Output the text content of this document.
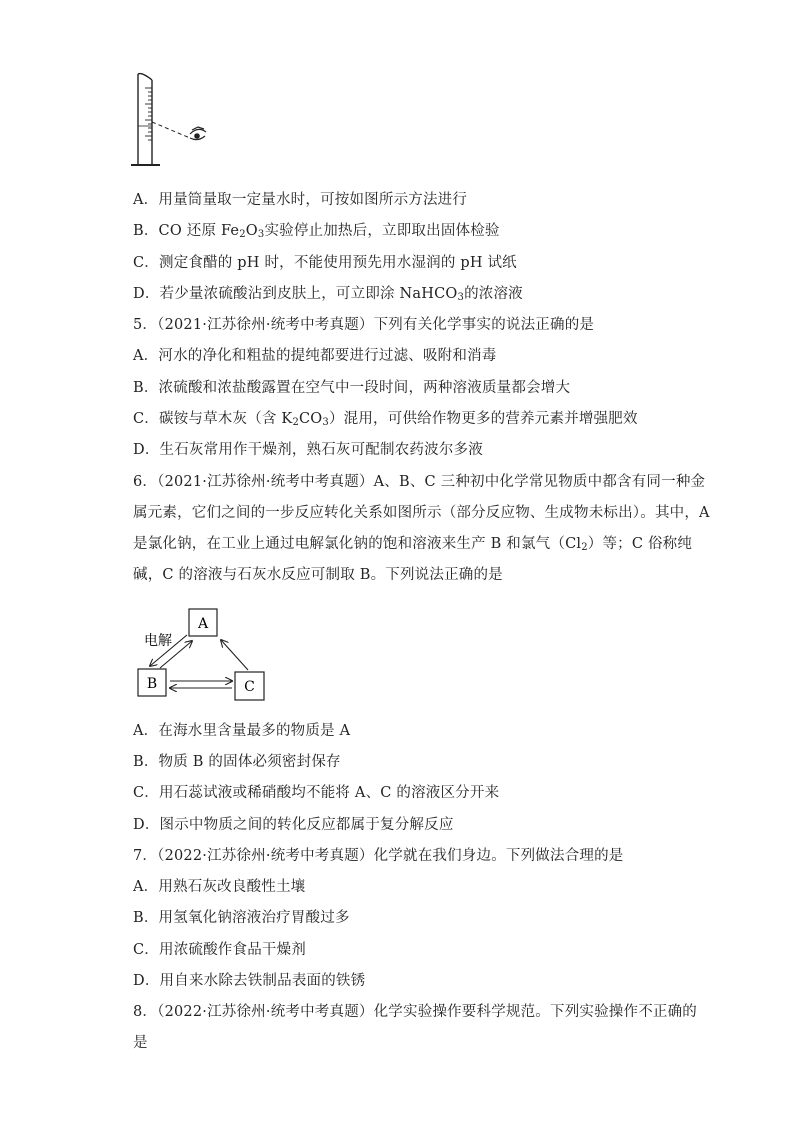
A．用量筒量取一定量水时，可按如图所示方法进行
B．CO 还原 $Fe_2O_3$实验停止加热后，立即取出固体检验
C．测定食醋的 pH 时，不能使用预先用水湿润的 pH 试纸
D．若少量浓硫酸沾到皮肤上，可立即涂 NaHCO$_3$的浓溶液
5．（2021·江苏徐州·统考中考真题）下列有关化学事实的说法正确的是
A．河水的净化和粗盐的提纯都要进行过滤、吸附和消毒
B．浓硫酸和浓盐酸露置在空气中一段时间，两种溶液质量都会增大
C．碳铵与草木灰（含 $K_2CO_3$）混用，可供给作物更多的营养元素并增强肥效
D．生石灰常用作干燥剂，熟石灰可配制农药波尔多液
6．（2021·江苏徐州·统考中考真题）A、B、C 三种初中化学常见物质中都含有同一种金
属元素，它们之间的一步反应转化关系如图所示（部分反应物、生成物未标出）。其中，A
是氯化钠，在工业上通过电解氯化钠的饱和溶液来生产 B 和氯气$(Cl_2)$等；C 俗称纯
碱，C 的溶液与石灰水反应可制取 B。下列说法正确的是
A
B	C
电解
A．在海水里含量最多的物质是 A
B．物质 B 的固体必须密封保存
C．用石蕊试液或稀硝酸均不能将 A、C 的溶液区分开来
D．图示中物质之间的转化反应都属于复分解反应
7．（2022·江苏徐州·统考中考真题）化学就在我们身边。下列做法合理的是
A．用熟石灰改良酸性土壤
B．用氢氧化钠溶液治疗胃酸过多
C．用浓硫酸作食品干燥剂
D．用自来水除去铁制品表面的铁锈
8．（2022·江苏徐州·统考中考真题）化学实验操作要科学规范。下列实验操作不正确的
是
